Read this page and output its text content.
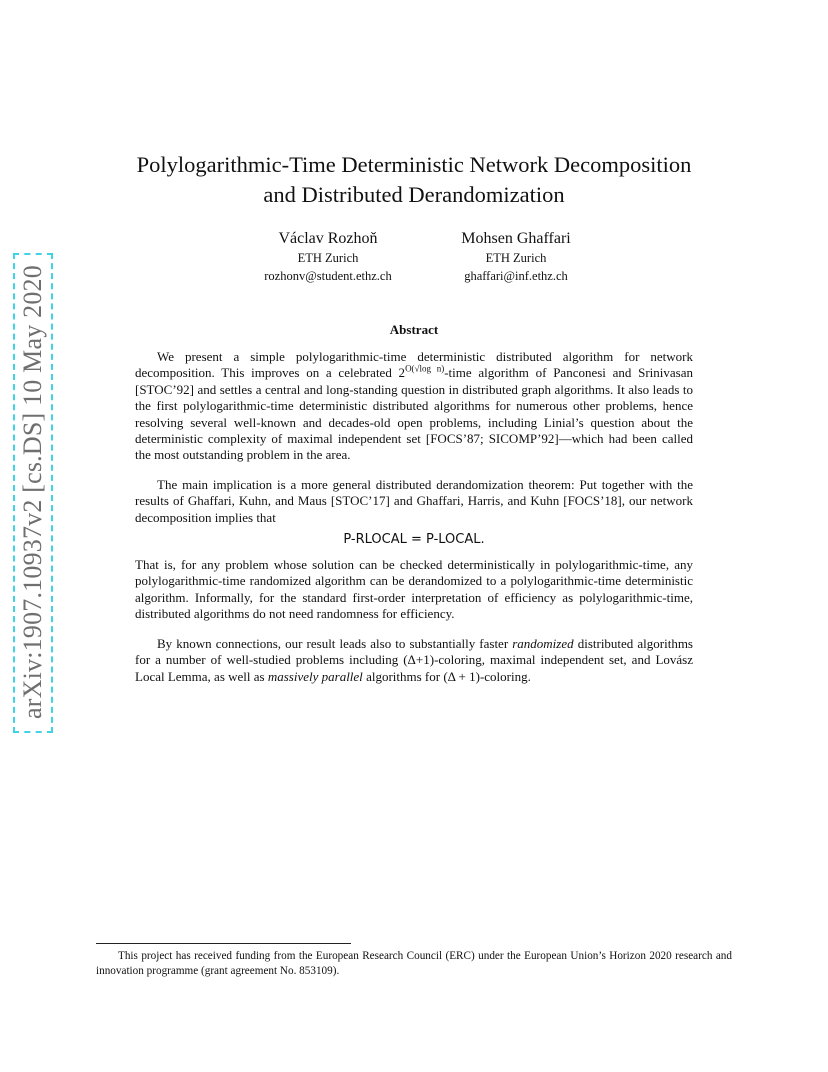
arXiv:1907.10937v2 [cs.DS] 10 May 2020
Polylogarithmic-Time Deterministic Network Decomposition
and Distributed Derandomization
Václav Rozhoň
ETH Zurich
rozhonv@student.ethz.ch
Mohsen Ghaffari
ETH Zurich
ghaffari@inf.ethz.ch
Abstract

We present a simple polylogarithmic-time deterministic distributed algorithm for network decomposition. This improves on a celebrated $2^{O(√log n)}$-time algorithm of Panconesi and Srinivasan [STOC’92] and settles a central and long-standing question in distributed graph algorithms. It also leads to the first polylogarithmic-time deterministic distributed algorithms for numerous other problems, hence resolving several well-known and decades-old open problems, including Linial’s question about the deterministic complexity of maximal independent set [FOCS’87; SICOMP’92]—which had been called the most outstanding problem in the area.

The main implication is a more general distributed derandomization theorem: Put together with the results of Ghaffari, Kuhn, and Maus [STOC’17] and Ghaffari, Harris, and Kuhn [FOCS’18], our network decomposition implies that

P-RLOCAL = P-LOCAL.

That is, for any problem whose solution can be checked deterministically in polylogarithmic-time, any polylogarithmic-time randomized algorithm can be derandomized to a polylogarithmic-time deterministic algorithm. Informally, for the standard first-order interpretation of efficiency as polylogarithmic-time, distributed algorithms do not need randomness for efficiency.

By known connections, our result leads also to substantially faster randomized distributed algorithms for a number of well-studied problems including (Δ+1)-coloring, maximal independent set, and Lovász Local Lemma, as well as massively parallel algorithms for (Δ + 1)-coloring.

This project has received funding from the European Research Council (ERC) under the European Union’s Horizon 2020 research and innovation programme (grant agreement No. 853109).
